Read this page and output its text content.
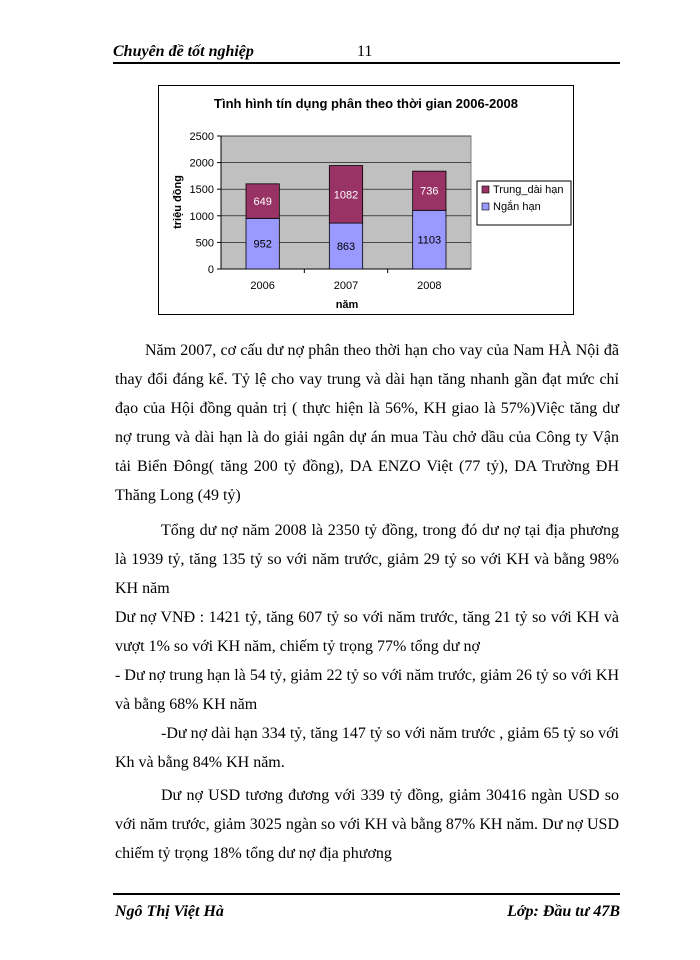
Chuyên đề tốt nghiệp	11
Tình hình tín dụng phân theo thời gian 2006-2008
0
500
1000
1500
2000
2500
952
649
2006
863
1082
2007
1103
736
2008
triệu đồng
năm
Trung_dài hạn
Ngắn hạn

Năm 2007, cơ cấu dư nợ phân theo thời hạn cho vay của Nam HÀ Nội đã thay đổi đáng kể. Tỷ lệ cho vay trung và dài hạn tăng nhanh gần đạt mức chỉ đạo của Hội đồng quản trị ( thực hiện là 56%, KH giao là 57%)Việc tăng dư nợ trung và dài hạn là do giải ngân dự án mua Tàu chở dầu của Công ty Vận tải Biển Đông( tăng 200 tỷ đồng), DA ENZO Việt (77 tỷ), DA Trường ĐH Thăng Long (49 tỷ)

Tổng dư nợ năm 2008 là 2350 tỷ đồng, trong đó dư nợ tại địa phương là 1939 tỷ, tăng 135 tỷ so với năm trước, giảm 29 tỷ so với KH và bằng 98% KH năm

Dư nợ VNĐ : 1421 tỷ, tăng 607 tỷ so với năm trước, tăng 21 tỷ so với KH và vượt 1% so với KH năm, chiếm tỷ trọng 77% tổng dư nợ

- Dư nợ trung hạn là 54 tỷ, giảm 22 tỷ so với năm trước, giảm 26 tỷ so với KH và bằng 68% KH năm

-Dư nợ dài hạn 334 tỷ, tăng 147 tỷ so với năm trước , giảm 65 tỷ so với Kh và bằng 84% KH năm.

Dư nợ USD tương đương với 339 tỷ đồng, giảm 30416 ngàn USD so với năm trước, giảm 3025 ngàn so với KH và bằng 87% KH năm. Dư nợ USD chiếm tỷ trọng 18% tổng dư nợ địa phương

Ngô Thị Việt Hà	Lớp: Đầu tư 47B
